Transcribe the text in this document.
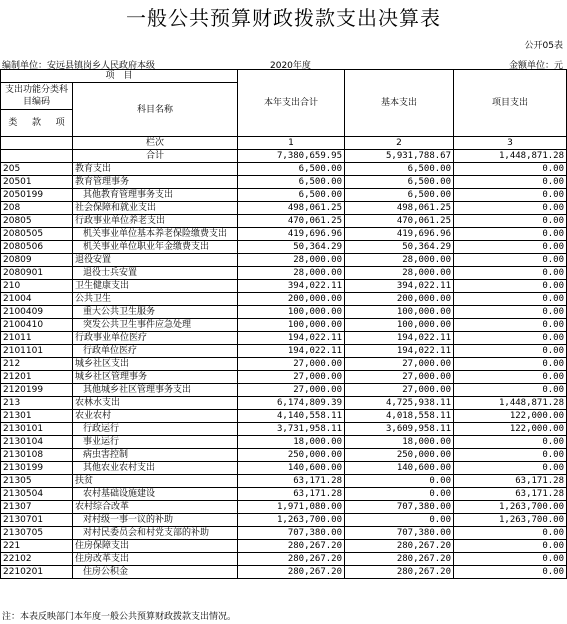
一般公共预算财政拨款支出决算表
公开05表
编制单位：安远县镇岗乡人民政府本级	2020年度	金额单位：元
项　目		本年支出合计	基本支出	项目支出
支出功能分类科目编码	科目名称			

类 款 项				

	栏次	1	2	3
	合计	7,380,659.95	5,931,788.67	1,448,871.28
205	教育支出	6,500.00	6,500.00	0.00
20501	教育管理事务	6,500.00	6,500.00	0.00
2050199	其他教育管理事务支出	6,500.00	6,500.00	0.00
208	社会保障和就业支出	498,061.25	498,061.25	0.00
20805	行政事业单位养老支出	470,061.25	470,061.25	0.00
2080505	机关事业单位基本养老保险缴费支出	419,696.96	419,696.96	0.00
2080506	机关事业单位职业年金缴费支出	50,364.29	50,364.29	0.00
20809	退役安置	28,000.00	28,000.00	0.00
2080901	退役士兵安置	28,000.00	28,000.00	0.00
210	卫生健康支出	394,022.11	394,022.11	0.00
21004	公共卫生	200,000.00	200,000.00	0.00
2100409	重大公共卫生服务	100,000.00	100,000.00	0.00
2100410	突发公共卫生事件应急处理	100,000.00	100,000.00	0.00
21011	行政事业单位医疗	194,022.11	194,022.11	0.00
2101101	行政单位医疗	194,022.11	194,022.11	0.00
212	城乡社区支出	27,000.00	27,000.00	0.00
21201	城乡社区管理事务	27,000.00	27,000.00	0.00
2120199	其他城乡社区管理事务支出	27,000.00	27,000.00	0.00
213	农林水支出	6,174,809.39	4,725,938.11	1,448,871.28
21301	农业农村	4,140,558.11	4,018,558.11	122,000.00
2130101	行政运行	3,731,958.11	3,609,958.11	122,000.00
2130104	事业运行	18,000.00	18,000.00	0.00
2130108	病虫害控制	250,000.00	250,000.00	0.00
2130199	其他农业农村支出	140,600.00	140,600.00	0.00
21305	扶贫	63,171.28	0.00	63,171.28
2130504	农村基础设施建设	63,171.28	0.00	63,171.28
21307	农村综合改革	1,971,080.00	707,380.00	1,263,700.00
2130701	对村级一事一议的补助	1,263,700.00	0.00	1,263,700.00
2130705	对村民委员会和村党支部的补助	707,380.00	707,380.00	0.00
221	住房保障支出	280,267.20	280,267.20	0.00
22102	住房改革支出	280,267.20	280,267.20	0.00
2210201	住房公积金	280,267.20	280,267.20	0.00
注：本表反映部门本年度一般公共预算财政拨款支出情况。
